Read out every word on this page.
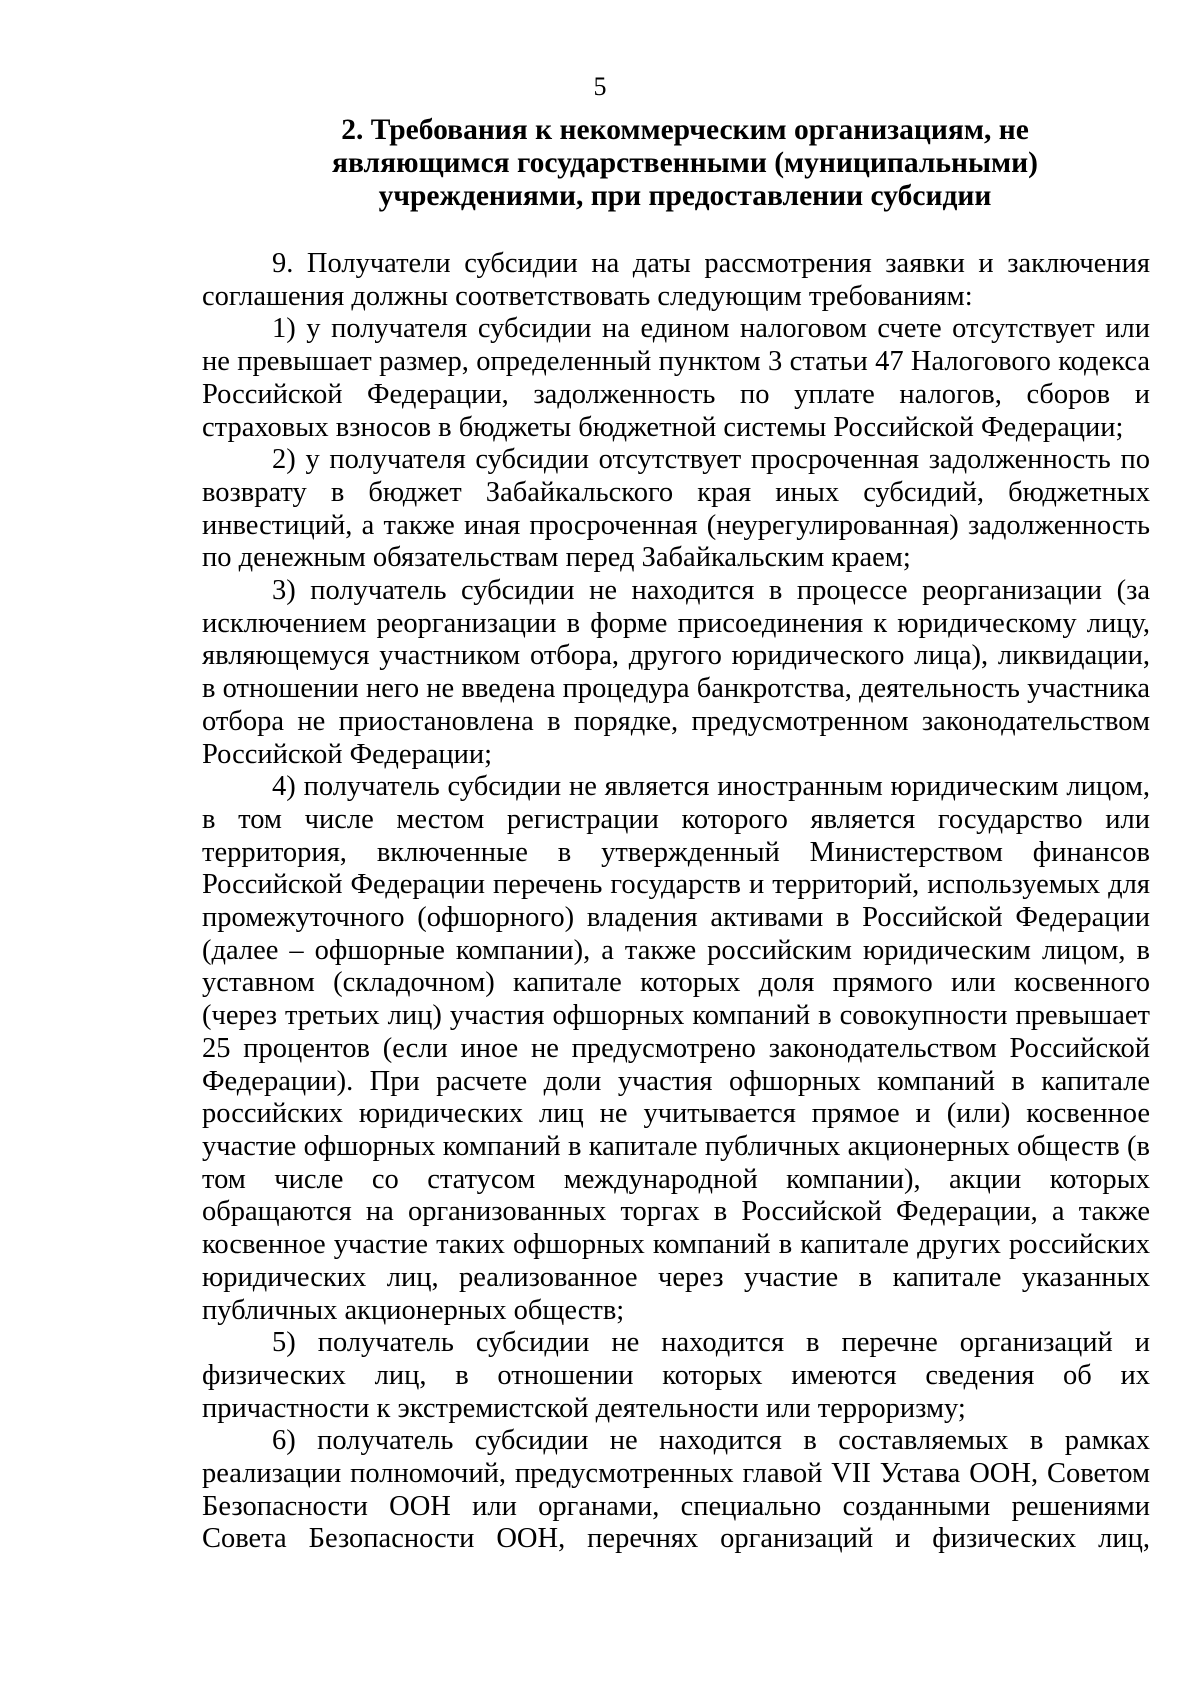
5
2. Требования к некоммерческим организациям, не являющимся государственными (муниципальными) учреждениями, при предоставлении субсидии

9. Получатели субсидии на даты рассмотрения заявки и заключения соглашения должны соответствовать следующим требованиям:

1) у получателя субсидии на едином налоговом счете отсутствует или не превышает размер, определенный пунктом 3 статьи 47 Налогового кодекса Российской Федерации, задолженность по уплате налогов, сборов и страховых взносов в бюджеты бюджетной системы Российской Федерации;

2) у получателя субсидии отсутствует просроченная задолженность по возврату в бюджет Забайкальского края иных субсидий, бюджетных инвестиций, а также иная просроченная (неурегулированная) задолженность по денежным обязательствам перед Забайкальским краем;

3) получатель субсидии не находится в процессе реорганизации (за исключением реорганизации в форме присоединения к юридическому лицу, являющемуся участником отбора, другого юридического лица), ликвидации, в отношении него не введена процедура банкротства, деятельность участника отбора не приостановлена в порядке, предусмотренном законодательством Российской Федерации;

4) получатель субсидии не является иностранным юридическим лицом, в том числе местом регистрации которого является государство или территория, включенные в утвержденный Министерством финансов Российской Федерации перечень государств и территорий, используемых для промежуточного (офшорного) владения активами в Российской Федерации (далее – офшорные компании), а также российским юридическим лицом, в уставном (складочном) капитале которых доля прямого или косвенного (через третьих лиц) участия офшорных компаний в совокупности превышает 25 процентов (если иное не предусмотрено законодательством Российской Федерации). При расчете доли участия офшорных компаний в капитале российских юридических лиц не учитывается прямое и (или) косвенное участие офшорных компаний в капитале публичных акционерных обществ (в том числе со статусом международной компании), акции которых обращаются на организованных торгах в Российской Федерации, а также косвенное участие таких офшорных компаний в капитале других российских юридических лиц, реализованное через участие в капитале указанных публичных акционерных обществ;

5) получатель субсидии не находится в перечне организаций и физических лиц, в отношении которых имеются сведения об их причастности к экстремистской деятельности или терроризму;

6) получатель субсидии не находится в составляемых в рамках реализации полномочий, предусмотренных главой VII Устава ООН, Советом Безопасности ООН или органами, специально созданными решениями Совета Безопасности ООН, перечнях организаций и физических лиц,
